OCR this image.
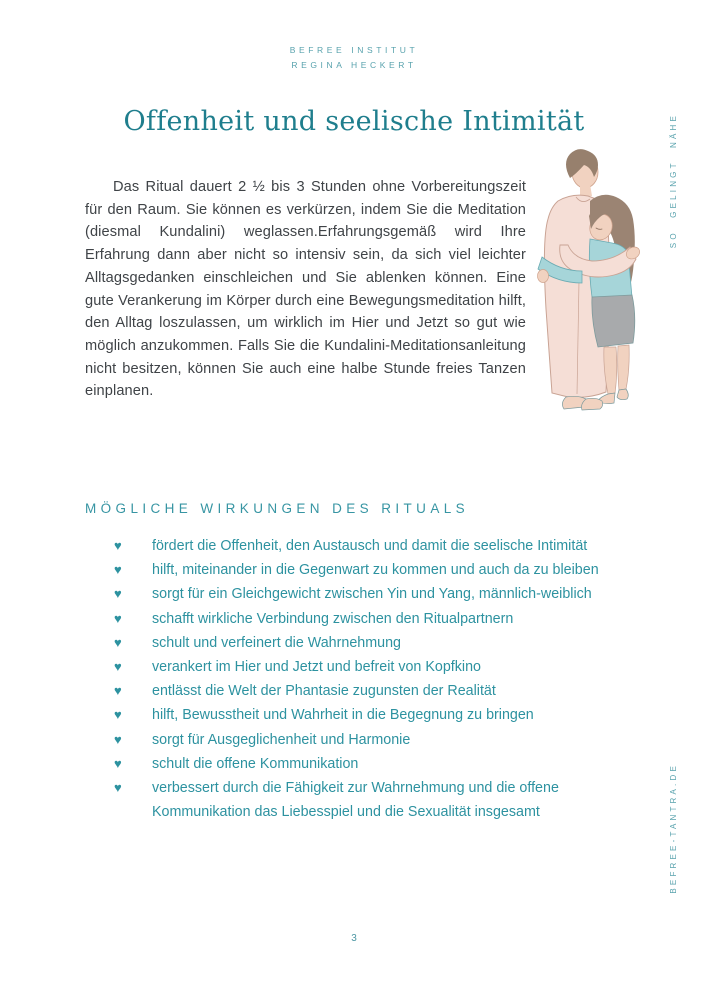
BEFREE INSTITUT
REGINA HECKERT
Offenheit und seelische Intimität

Das Ritual dauert 2 ½ bis 3 Stunden ohne Vorbereitungszeit für den Raum. Sie können es verkürzen, indem Sie die Meditation (diesmal Kundalini) weglassen.Erfahrungsgemäß wird Ihre Erfahrung dann aber nicht so intensiv sein, da sich viel leichter Alltagsgedanken einschleichen und Sie ablenken können. Eine gute Verankerung im Körper durch eine Bewegungsmeditation hilft, den Alltag loszulassen, um wirklich im Hier und Jetzt so gut wie möglich anzukommen. Falls Sie die Kundalini-Meditationsanleitung nicht besitzen, können Sie auch eine halbe Stunde freies Tanzen einplanen.

SO GELINGT NÄHE
BEFREE-TANTRA.DE
MÖGLICHE WIRKUNGEN DES RITUALS
♥	fördert die Offenheit, den Austausch und damit die seelische Intimität
♥	hilft, miteinander in die Gegenwart zu kommen und auch da zu bleiben
♥	sorgt für ein Gleichgewicht zwischen Yin und Yang, männlich-weiblich
♥	schafft wirkliche Verbindung zwischen den Ritualpartnern
♥	schult und verfeinert die Wahrnehmung
♥	verankert im Hier und Jetzt und befreit von Kopfkino
♥	entlässt die Welt der Phantasie zugunsten der Realität
♥	hilft, Bewusstheit und Wahrheit in die Begegnung zu bringen
♥	sorgt für Ausgeglichenheit und Harmonie
♥	schult die offene Kommunikation
♥	verbessert durch die Fähigkeit zur Wahrnehmung und die offene Kommunikation das Liebesspiel und die Sexualität insgesamt
3
